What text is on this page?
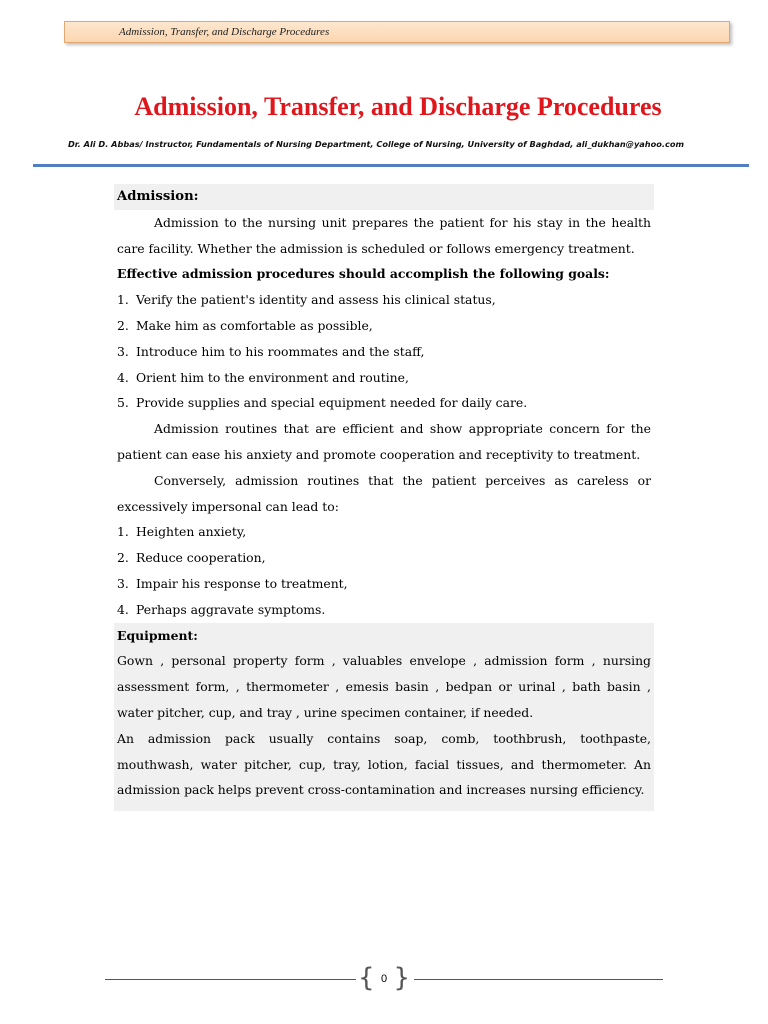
Admission, Transfer, and Discharge Procedures
Admission, Transfer, and Discharge Procedures

Dr. Ali D. Abbas/ Instructor, Fundamentals of Nursing Department, College of Nursing, University of Baghdad, ali_dukhan@yahoo.com

Admission:

Admission to the nursing unit prepares the patient for his stay in the health care facility. Whether the admission is scheduled or follows emergency treatment.

Effective admission procedures should accomplish the following goals:

1. Verify the patient's identity and assess his clinical status,
2. Make him as comfortable as possible,
3. Introduce him to his roommates and the staff,
4. Orient him to the environment and routine,
5. Provide supplies and special equipment needed for daily care.

Admission routines that are efficient and show appropriate concern for the patient can ease his anxiety and promote cooperation and receptivity to treatment.

Conversely, admission routines that the patient perceives as careless or excessively impersonal can lead to:

1. Heighten anxiety,
2. Reduce cooperation,
3. Impair his response to treatment,
4. Perhaps aggravate symptoms.
Equipment:

Gown , personal property form , valuables envelope , admission form , nursing assessment form, , thermometer , emesis basin , bedpan or urinal , bath basin , water pitcher, cup, and tray , urine specimen container, if needed.

An admission pack usually contains soap, comb, toothbrush, toothpaste, mouthwash, water pitcher, cup, tray, lotion, facial tissues, and thermometer. An admission pack helps prevent cross-contamination and increases nursing efficiency.

{ 0 }
